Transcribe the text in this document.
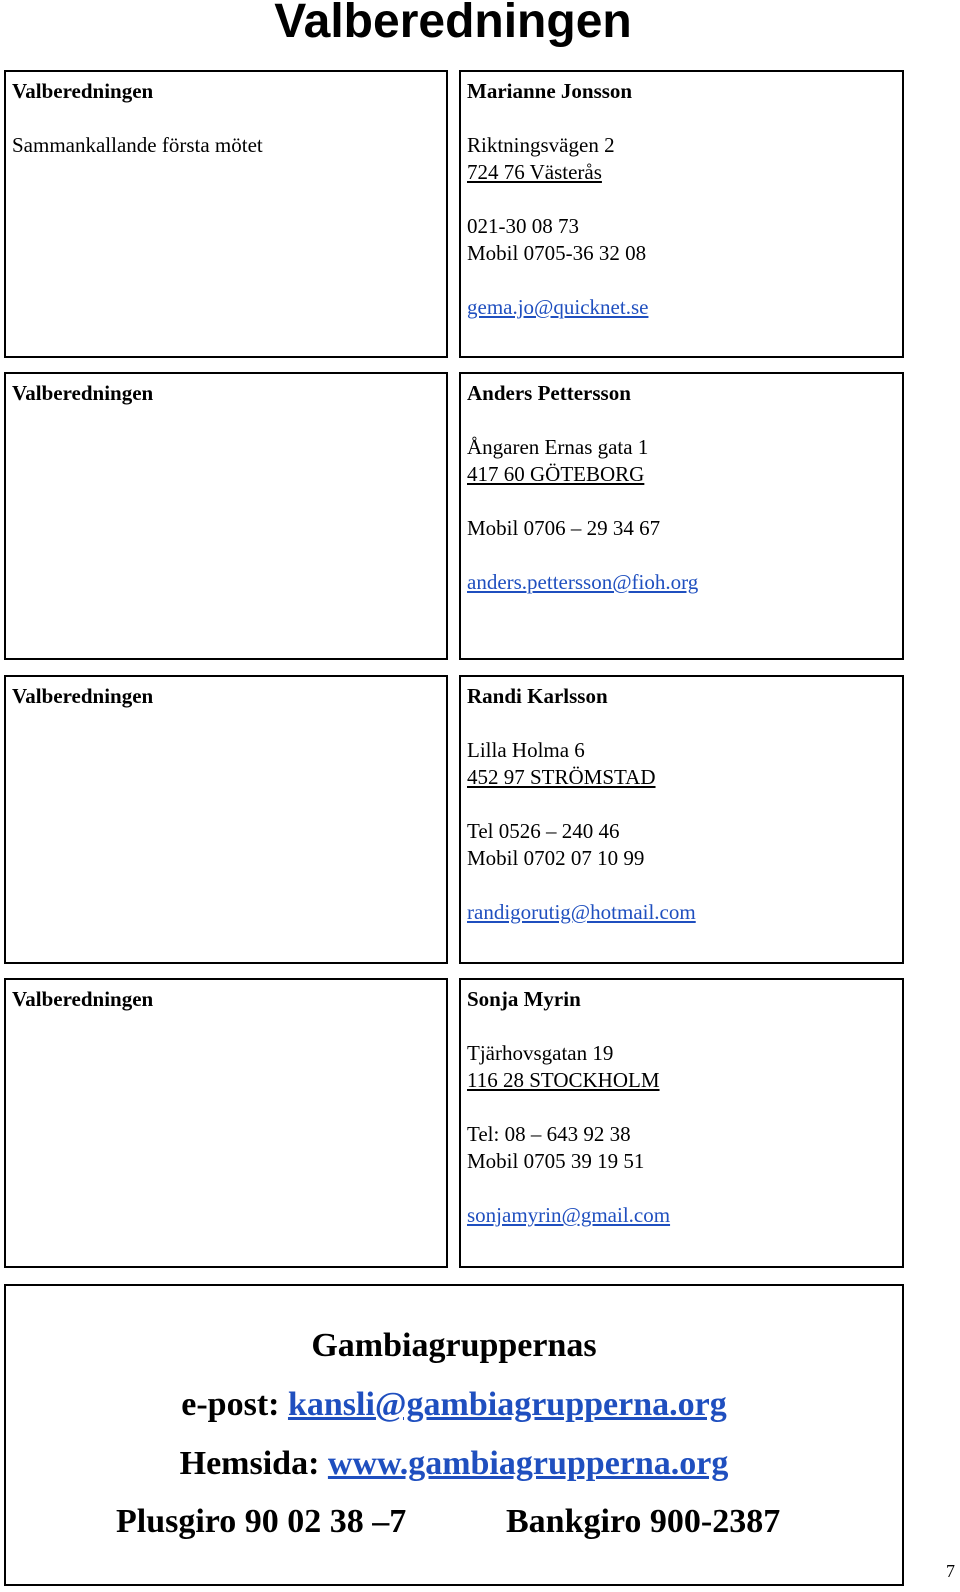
Valberedningen
Valberedningen
Sammankallande första mötet
Marianne Jonsson
Riktningsvägen 2
724 76 Västerås
021-30 08 73
Mobil 0705-36 32 08
gema.jo@quicknet.se
Valberedningen	Anders Pettersson
Ångaren Ernas gata 1
417 60 GÖTEBORG
Mobil 0706 – 29 34 67
anders.pettersson@fioh.org
Valberedningen	Randi Karlsson
Lilla Holma 6
452 97 STRÖMSTAD
Tel 0526 – 240 46
Mobil 0702 07 10 99
randigorutig@hotmail.com
Valberedningen	Sonja Myrin
Tjärhovsgatan 19
116 28 STOCKHOLM
Tel: 08 – 643 92 38
Mobil 0705 39 19 51
sonjamyrin@gmail.com
Gambiagruppernas
e-post: kansli@gambiagrupperna.org
Hemsida: www.gambiagrupperna.org
Plusgiro 90 02 38 –7	Bankgiro 900-2387
7
